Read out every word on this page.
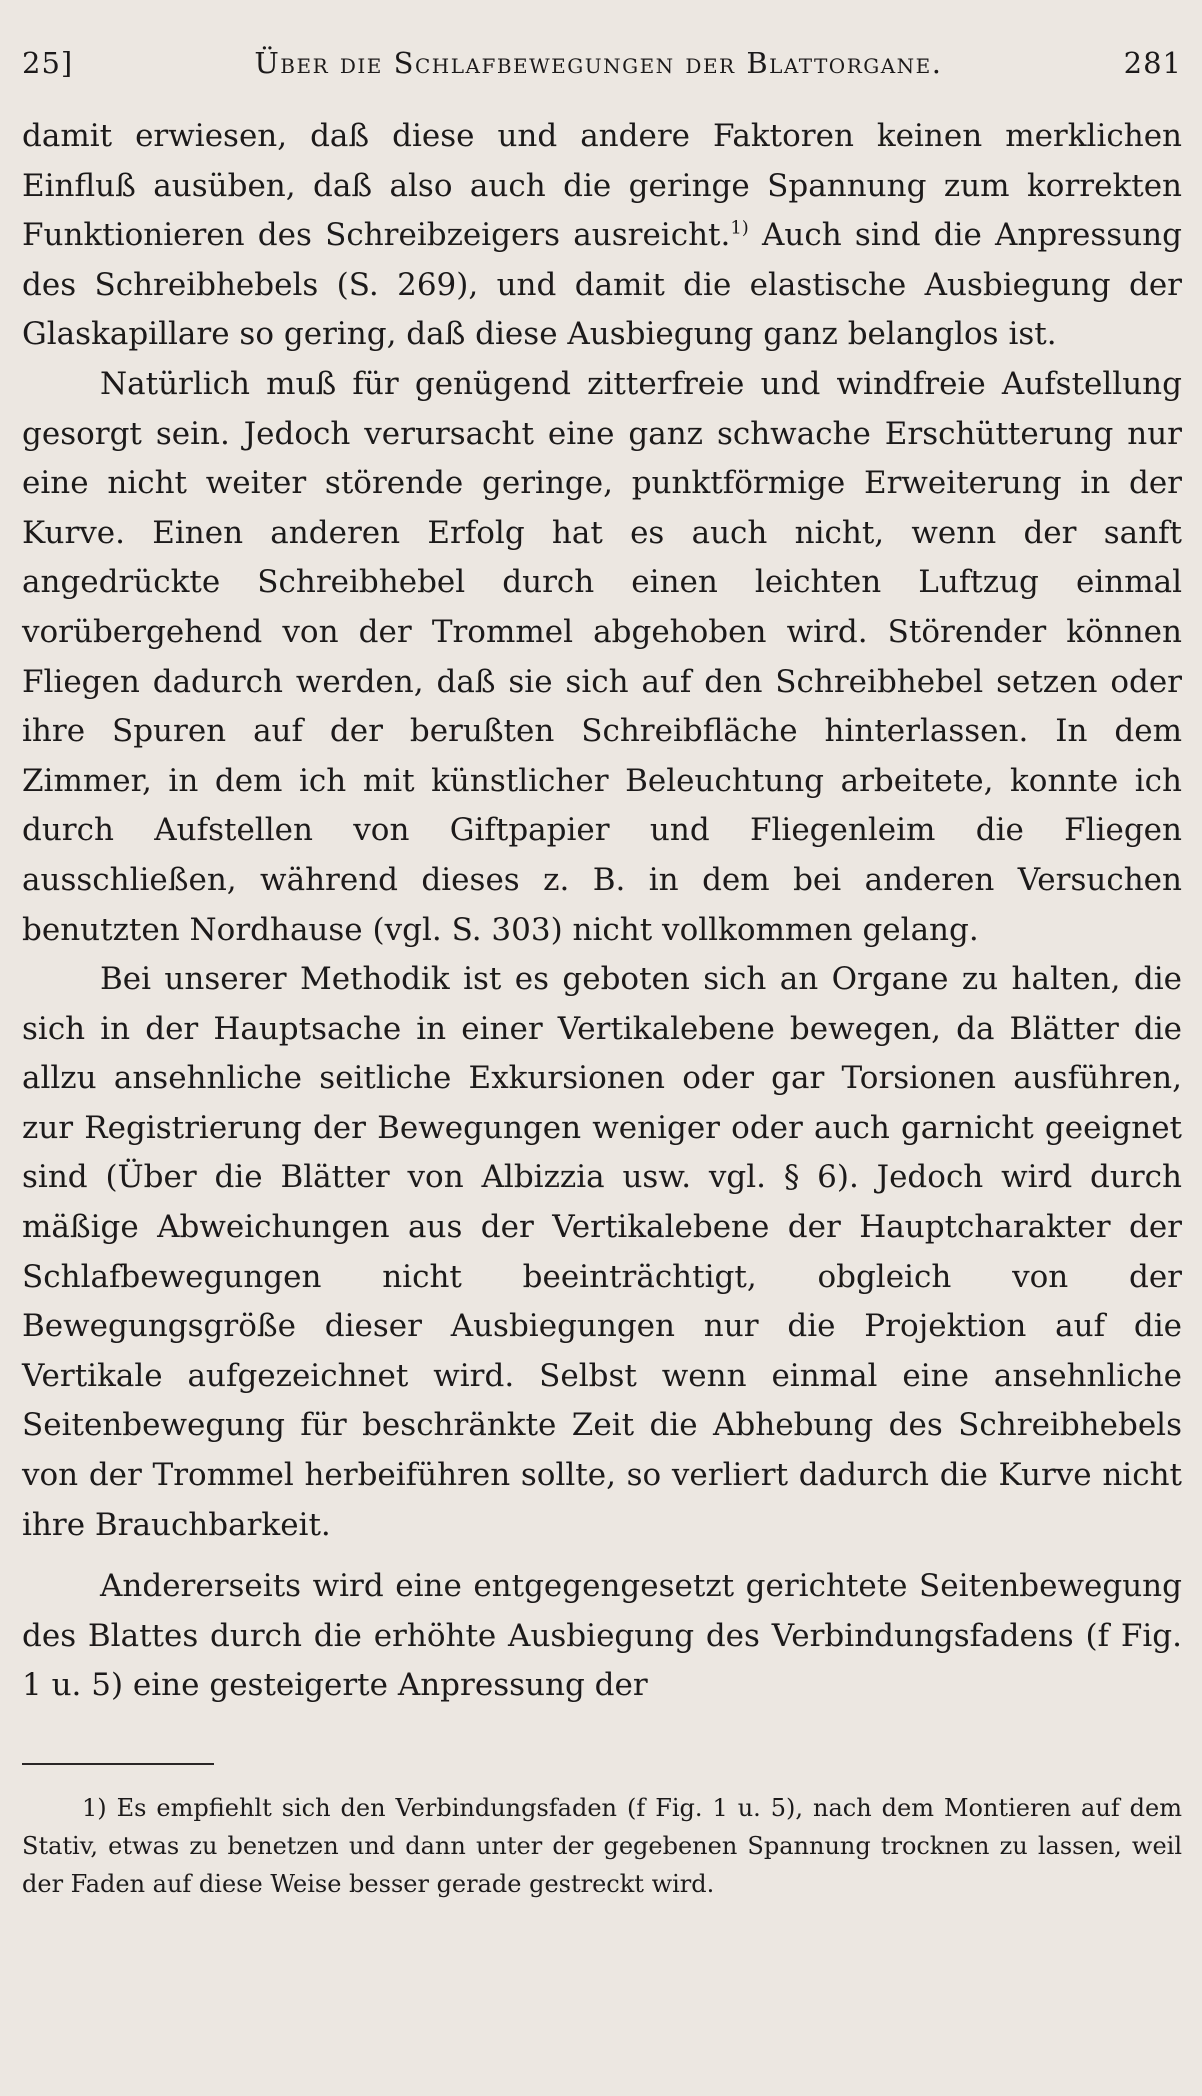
25]	Über die Schlafbewegungen der Blattorgane.	281

damit erwiesen, daß diese und andere Faktoren keinen merklichen Einfluß ausüben, daß also auch die geringe Spannung zum korrekten Funktionieren des Schreibzeigers ausreicht.$^{1)}$ Auch sind die Anpressung des Schreibhebels (S. 269), und damit die elastische Ausbiegung der Glaskapillare so gering, daß diese Ausbiegung ganz belanglos ist.

Natürlich muß für genügend zitterfreie und windfreie Aufstellung gesorgt sein. Jedoch verursacht eine ganz schwache Erschütterung nur eine nicht weiter störende geringe, punktförmige Erweiterung in der Kurve. Einen anderen Erfolg hat es auch nicht, wenn der sanft angedrückte Schreibhebel durch einen leichten Luftzug einmal vorübergehend von der Trommel abgehoben wird. Störender können Fliegen dadurch werden, daß sie sich auf den Schreibhebel setzen oder ihre Spuren auf der berußten Schreibfläche hinterlassen. In dem Zimmer, in dem ich mit künstlicher Beleuchtung arbeitete, konnte ich durch Aufstellen von Giftpapier und Fliegenleim die Fliegen ausschließen, während dieses z. B. in dem bei anderen Versuchen benutzten Nordhause (vgl. S. 303) nicht vollkommen gelang.

Bei unserer Methodik ist es geboten sich an Organe zu halten, die sich in der Hauptsache in einer Vertikalebene bewegen, da Blätter die allzu ansehnliche seitliche Exkursionen oder gar Torsionen ausführen, zur Registrierung der Bewegungen weniger oder auch garnicht geeignet sind (Über die Blätter von Albizzia usw. vgl. § 6). Jedoch wird durch mäßige Abweichungen aus der Vertikalebene der Hauptcharakter der Schlafbewegungen nicht beeinträchtigt, obgleich von der Bewegungsgröße dieser Ausbiegungen nur die Projektion auf die Vertikale aufgezeichnet wird. Selbst wenn einmal eine ansehnliche Seitenbewegung für beschränkte Zeit die Abhebung des Schreibhebels von der Trommel herbeiführen sollte, so verliert dadurch die Kurve nicht ihre Brauchbarkeit.

Andererseits wird eine entgegengesetzt gerichtete Seitenbewegung des Blattes durch die erhöhte Ausbiegung des Verbindungsfadens (f Fig. 1 u. 5) eine gesteigerte Anpressung der

1) Es empfiehlt sich den Verbindungsfaden (f Fig. 1 u. 5), nach dem Montieren auf dem Stativ, etwas zu benetzen und dann unter der gegebenen Spannung trocknen zu lassen, weil der Faden auf diese Weise besser gerade gestreckt wird.
